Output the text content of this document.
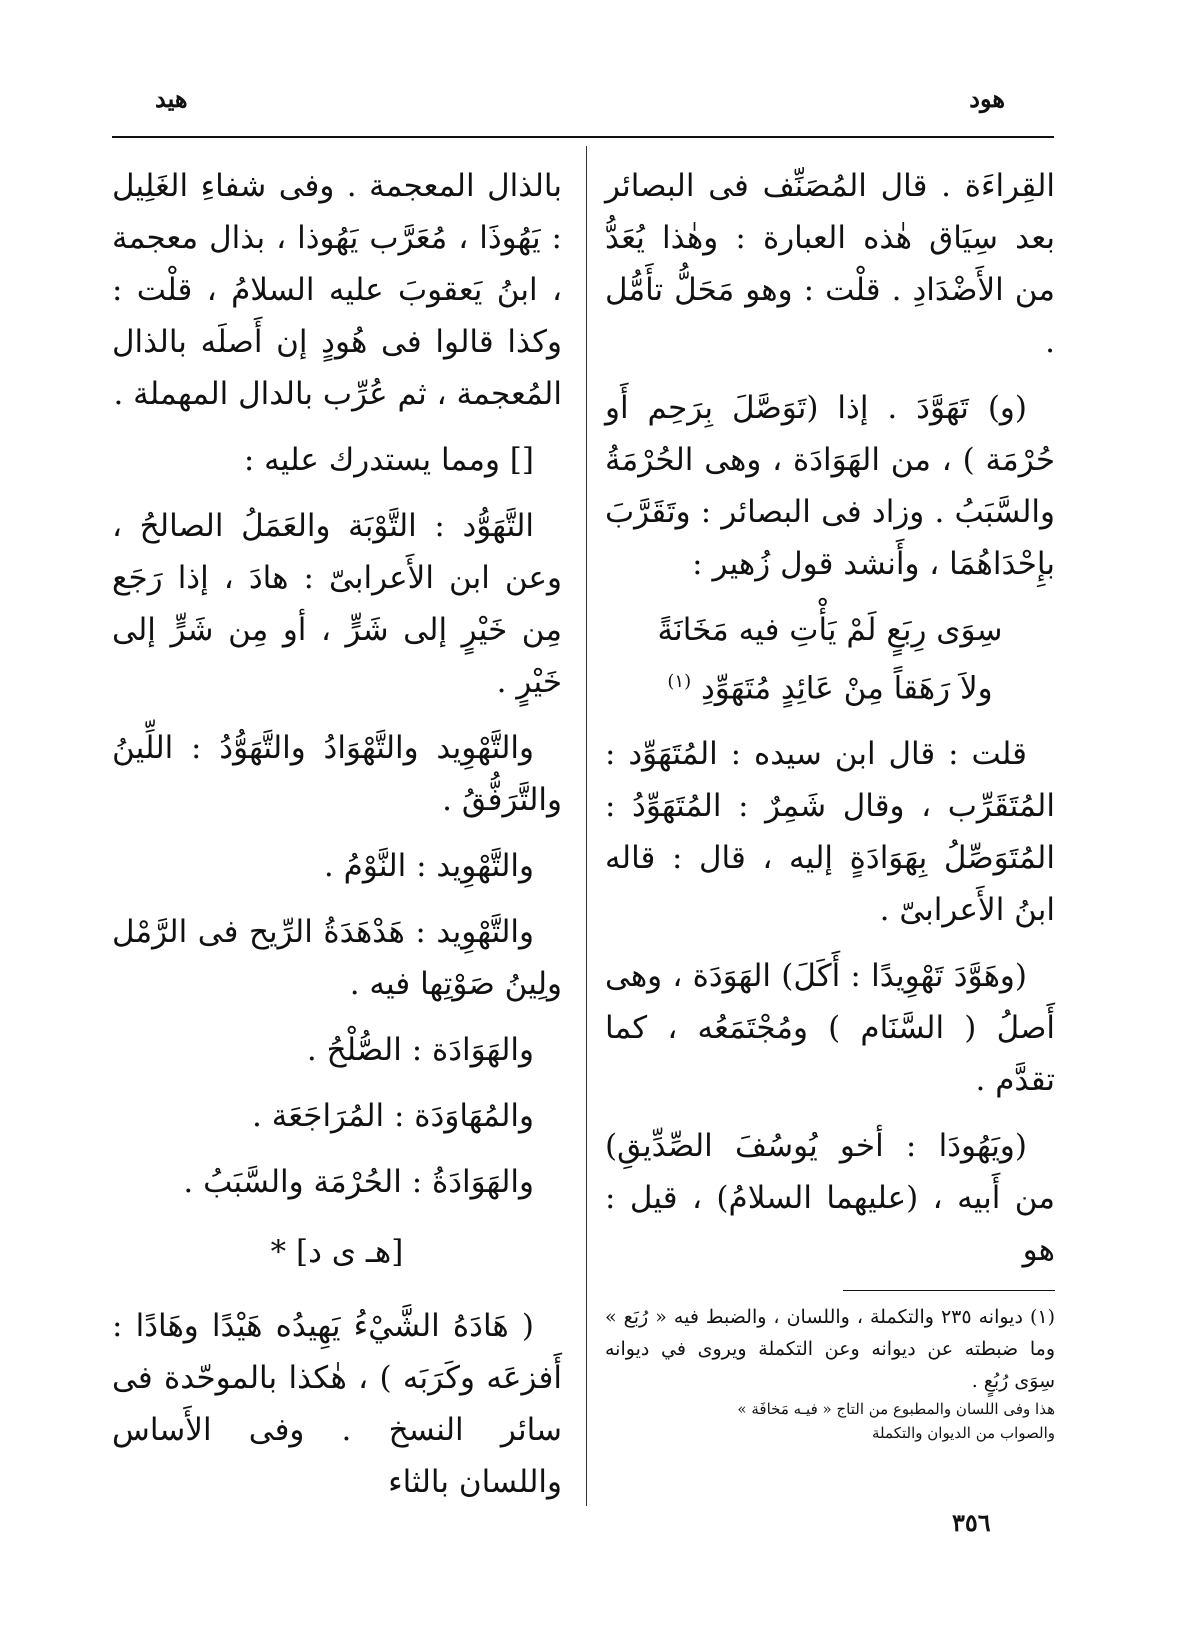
هود
هيد

القِراءَة . قال المُصَنِّف فى البصائر بعد سِيَاق هٰذه العبارة : وهٰذا يُعَدُّ من الأَضْدَادِ . قلْت : وهو مَحَلُّ تأَمُّل .

(و) تَهَوَّدَ . إذا (تَوَصَّلَ بِرَحِم أَو حُرْمَة ) ، من الهَوَادَة ، وهى الحُرْمَةُ والسَّبَبُ . وزاد فى البصائر : وتَقَرَّبَ بإِحْدَاهُمَا ، وأَنشد قول زُهير :

سِوَى رِبَعٍ لَمْ يَأْتِ فيه مَخَانَةً

ولاَ رَهَقاً مِنْ عَائِدٍ مُتَهَوِّدِ $^{(١)}$

قلت : قال ابن سيده : المُتَهَوِّد : المُتَقَرِّب ، وقال شَمِرٌ : المُتَهَوِّدُ : المُتَوَصِّلُ بِهَوَادَةٍ إليه ، قال : قاله ابنُ الأَعرابىّ .

(وهَوَّدَ تَهْوِيدًا : أَكَلَ) الهَوَدَة ، وهى أَصلُ ( السَّنَام ) ومُجْتَمَعُه ، كما تقدَّم .

(ويَهُودَا : أخو يُوسُفَ الصِّدِّيقِ) من أَبيه ، (عليهما السلامُ) ، قيل : هو

(١) ديوانه ٢٣٥ والتكملة ، واللسان ، والضبط فيه « رُبَع » وما ضبطته عن ديوانه وعن التكملة ويروى في ديوانه سِوَى رُبُعٍ .

هذا وفى اللسان والمطبوع من التاج « فيـه مَخافَة »

والصواب من الديوان والتكملة

بالذال المعجمة . وفى شفاءِ الغَلِيل : يَهُوذَا ، مُعَرَّب يَهُوذا ، بذال معجمة ، ابنُ يَعقوبَ عليه السلامُ ، قلْت : وكذا قالوا فى هُودٍ إن أَصلَه بالذال المُعجمة ، ثم عُرِّب بالدال المهملة .

[] ومما يستدرك عليه :

التَّهَوُّد : التَّوْبَة والعَمَلُ الصالحُ ، وعن ابن الأَعرابىّ : هادَ ، إذا رَجَع مِن خَيْرٍ إلى شَرٍّ ، أو مِن شَرٍّ إلى خَيْرٍ .

والتَّهْوِيد والتَّهْوَادُ والتَّهَوُّدُ : اللِّينُ والتَّرَفُّقُ .

والتَّهْوِيد : النَّوْمُ .

والتَّهْوِيد : هَدْهَدَةُ الرِّيح فى الرَّمْل ولِينُ صَوْتِها فيه .

والهَوَادَة : الصُّلْحُ .

والمُهَاوَدَة : المُرَاجَعَة .

والهَوَادَةُ : الحُرْمَة والسَّبَبُ .

[هـ ى د] *

( هَادَهُ الشَّيْءُ يَهِيدُه هَيْدًا وهَادًا : أَفزعَه وكَرَبَه ) ، هٰكذا بالموحّدة فى سائر النسخ . وفى الأَساس واللسان بالثاء

٣٥٦
